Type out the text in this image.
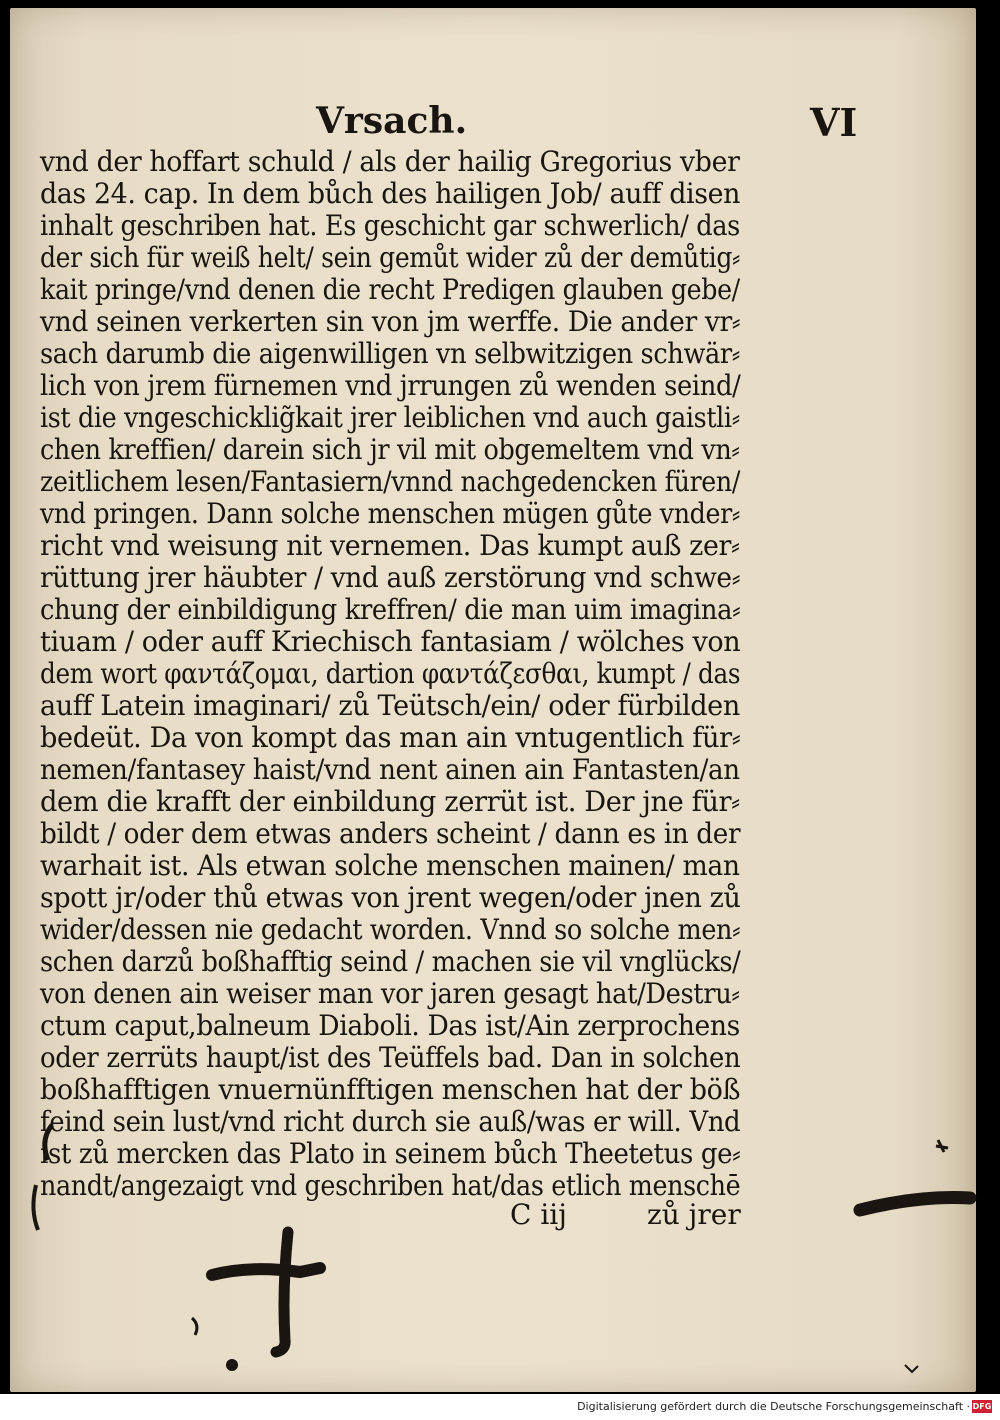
Vrsach.	VI
vnd der hoffart schuld / als der hailig Gregorius vber
das 24. cap. In dem bůch des hailigen Job/ auff disen
inhalt geschriben hat. Es geschicht gar schwerlich/ das
der sich für weiß helt/ sein gemůt wider zů der demůtig⸗
kait pringe/vnd denen die recht Predigen glauben gebe/
vnd seinen verkerten sin von jm werffe. Die ander vr⸗
sach darumb die aigenwilligen vn selbwitzigen schwär⸗
lich von jrem fürnemen vnd jrrungen zů wenden seind/
ist die vngeschicklig̃kait jrer leiblichen vnd auch gaistli⸗
chen kreffien/ darein sich jr vil mit obgemeltem vnd vn⸗
zeitlichem lesen/Fantasiern/vnnd nachgedencken füren/
vnd pringen. Dann solche menschen mügen gůte vnder⸗
richt vnd weisung nit vernemen. Das kumpt auß zer⸗
rüttung jrer häubter / vnd auß zerstörung vnd schwe⸗
chung der einbildigung kreffren/ die man uim imagina⸗
tiuam / oder auff Kriechisch fantasiam / wölches von
dem wort φαντάζομαι, dartion φαντάζεσθαι, kumpt / das
auff Latein imaginari/ zů Teütsch/ein/ oder fürbilden
bedeüt. Da von kompt das man ain vntugentlich für⸗
nemen/fantasey haist/vnd nent ainen ain Fantasten/an
dem die krafft der einbildung zerrüt ist. Der jne für⸗
bildt / oder dem etwas anders scheint / dann es in der
warhait ist. Als etwan solche menschen mainen/ man
spott jr/oder thů etwas von jrent wegen/oder jnen zů
wider/dessen nie gedacht worden. Vnnd so solche men⸗
schen darzů boßhafftig seind / machen sie vil vnglücks/
von denen ain weiser man vor jaren gesagt hat/Destru⸗
ctum caput,balneum Diaboli. Das ist/Ain zerprochens
oder zerrüts haupt/ist des Teüffels bad. Dan in solchen
boßhafftigen vnuernünfftigen menschen hat der böß
feind sein lust/vnd richt durch sie auß/was er will. Vnd
ist zů mercken das Plato in seinem bůch Theetetus ge⸗
nandt/angezaigt vnd geschriben hat/das etlich menschē
C iij	zů jrer
Digitalisierung gefördert durch die Deutsche Forschungsgemeinschaft · DFG
